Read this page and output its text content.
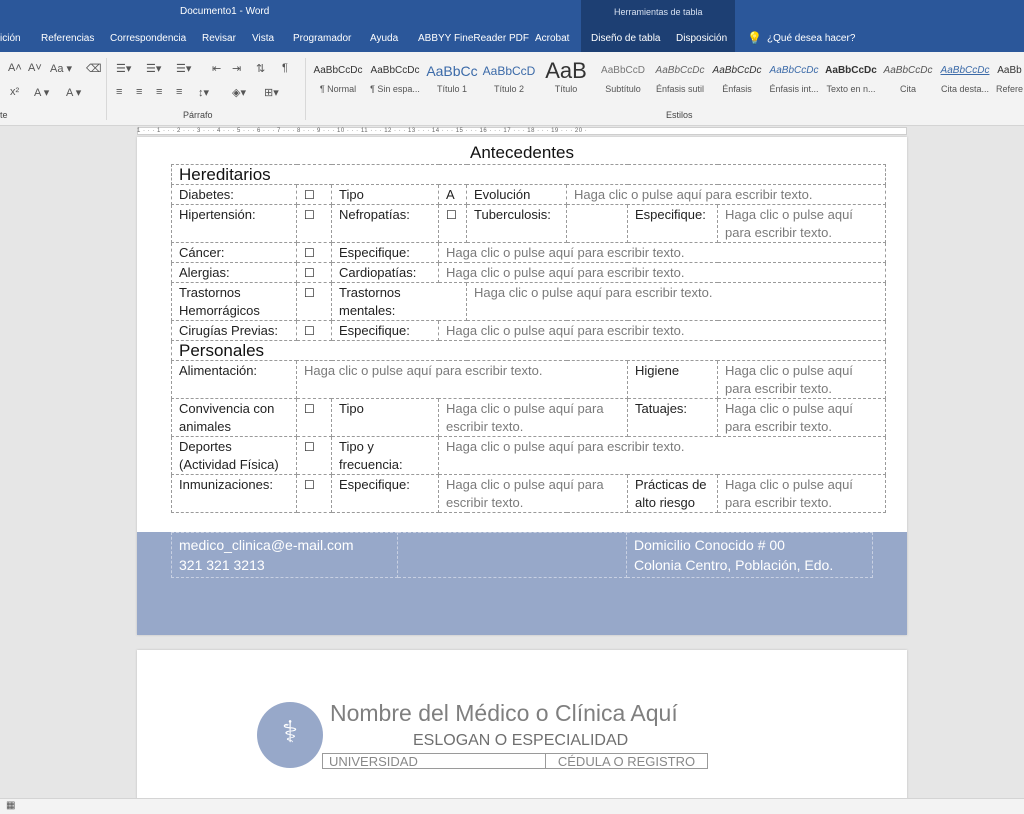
Documento1 - Word	Herramientas de tabla
ición Referencias Correspondencia Revisar Vista Programador Ayuda ABBYY FineReader PDF Acrobat Diseño de tabla Disposición 💡 ¿Qué desea hacer?
A˄ A˅ Aa ▾ ⌫
x² A ▾ A ▾
☰▾ ☰▾ ☰▾ ⇤ ⇥ ⇅ ¶
≡ ≡ ≡ ≡ ↕▾ ◈▾ ⊞▾
te	Párrafo	Estilos
AaBbCcDc
¶ Normal
AaBbCcDc
¶ Sin espa...
AaBbCc
Título 1
AaBbCcD
Título 2
AaB
Título
AaBbCcD
Subtítulo
AaBbCcDc
Énfasis sutil
AaBbCcDc
Énfasis
AaBbCcDc
Énfasis int...
AaBbCcDc
Texto en n...
AaBbCcDc
Cita
AaBbCcDc
Cita desta...
AaBb
Refere
1 · · · 1 · · · 2 · · · 3 · · · 4 · · · 5 · · · 6 · · · 7 · · · 8 · · · 9 · · · 10 · · · 11 · · · 12 · · · 13 · · · 14 · · · 15 · · · 16 · · · 17 · · · 18 · · · 19 · · · 20 ·
Antecedentes
Hereditarios							
Diabetes:	☐	Tipo	A	Evolución	Haga clic o pulse aquí para escribir texto.		
Hipertensión:	☐	Nefropatías:	☐	Tuberculosis:		Especifique:	Haga clic o pulse aquí
para escribir texto.
Cáncer:	☐	Especifique:	Haga clic o pulse aquí para escribir texto.				
Alergias:	☐	Cardiopatías:	Haga clic o pulse aquí para escribir texto.				
Trastornos
Hemorrágicos	☐	Trastornos mentales:		Haga clic o pulse aquí para escribir texto.			
Cirugías Previas:	☐	Especifique:	Haga clic o pulse aquí para escribir texto.				
Personales							
Alimentación:	Haga clic o pulse aquí para escribir texto.					Higiene	Haga clic o pulse aquí
para escribir texto.
Convivencia con
animales	☐	Tipo	Haga clic o pulse aquí para
escribir texto.			Tatuajes:	Haga clic o pulse aquí
para escribir texto.
Deportes
(Actividad Física)	☐	Tipo y
frecuencia:	Haga clic o pulse aquí para escribir texto.				
Inmunizaciones:	☐	Especifique:	Haga clic o pulse aquí para
escribir texto.			Prácticas de
alto riesgo	Haga clic o pulse aquí
para escribir texto.
medico_clinica@e-mail.com
321 321 3213		Domicilio Conocido # 00
Colonia Centro, Población, Edo.
⚕
Nombre del Médico o Clínica Aquí
ESLOGAN O ESPECIALIDAD
UNIVERSIDAD	CÉDULA O REGISTRO
▦
